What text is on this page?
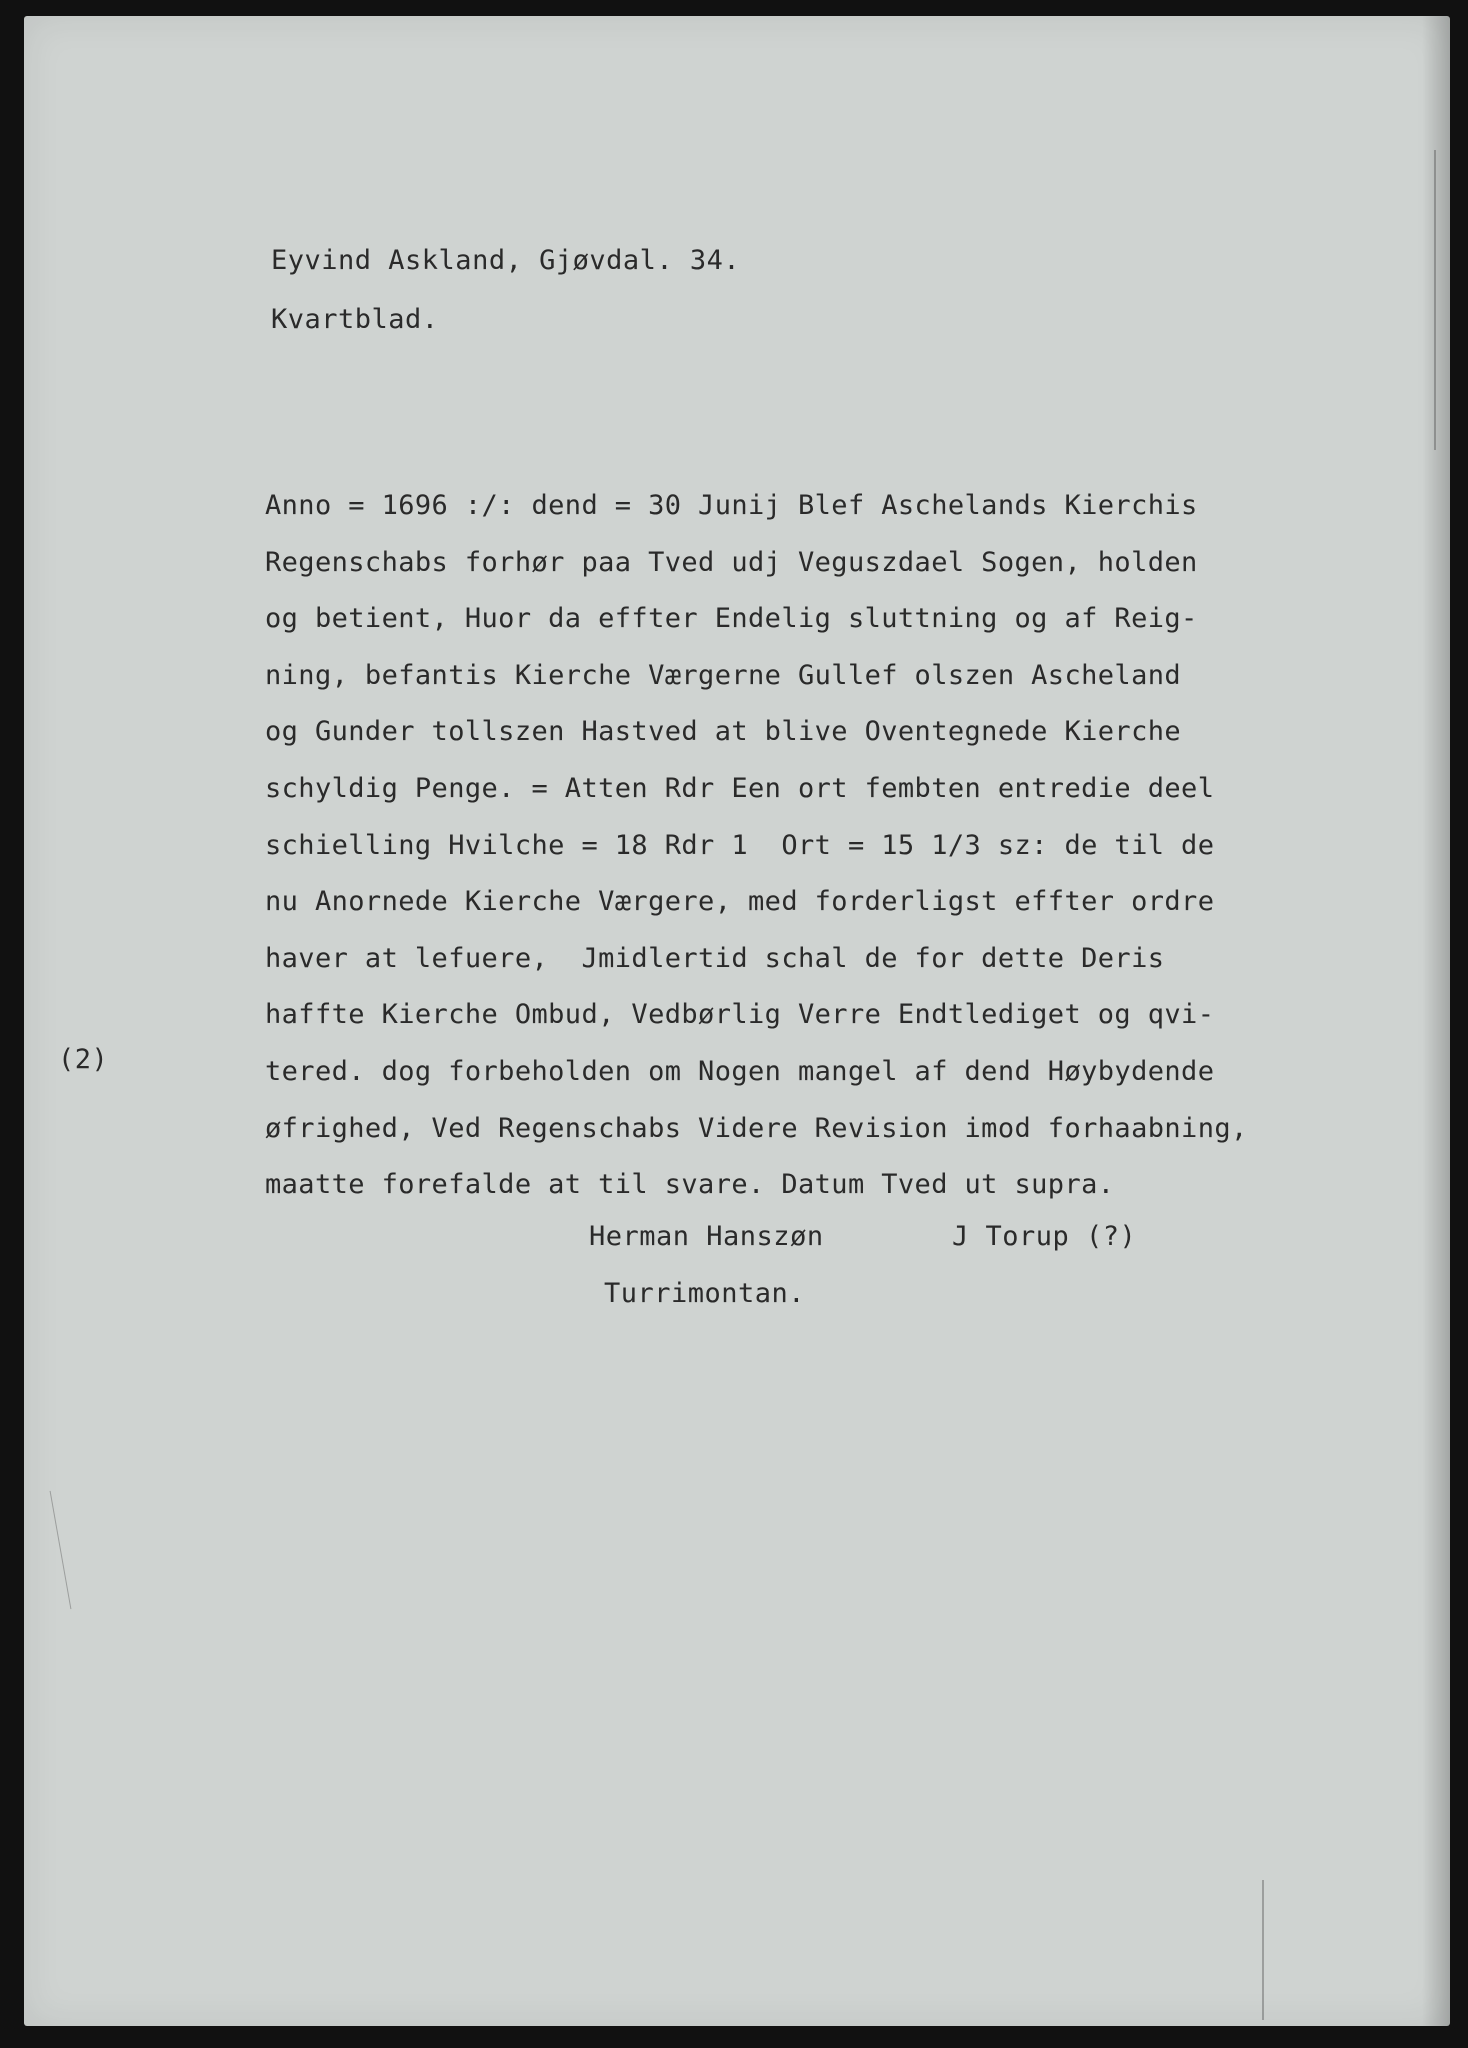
Eyvind Askland, Gjøvdal. 34.
Kvartblad.
Anno = 1696 :/: dend = 30 Junij Blef Aschelands Kierchis
Regenschabs forhør paa Tved udj Veguszdael Sogen, holden
og betient, Huor da effter Endelig sluttning og af Reig-
ning, befantis Kierche Værgerne Gullef olszen Ascheland
og Gunder tollszen Hastved at blive Oventegnede Kierche
schyldig Penge. = Atten Rdr Een ort fembten entredie deel
schielling Hvilche = 18 Rdr 1  Ort = 15 1/3 sz: de til de
nu Anornede Kierche Værgere, med forderligst effter ordre
haver at lefuere,  Jmidlertid schal de for dette Deris
haffte Kierche Ombud, Vedbørlig Verre Endtlediget og qvi-
tered. dog forbeholden om Nogen mangel af dend Høybydende
øfrighed, Ved Regenschabs Videre Revision imod forhaabning,
maatte forefalde at til svare. Datum Tved ut supra.
(2)
Herman Hanszøn	J Torup (?)
Turrimontan.
